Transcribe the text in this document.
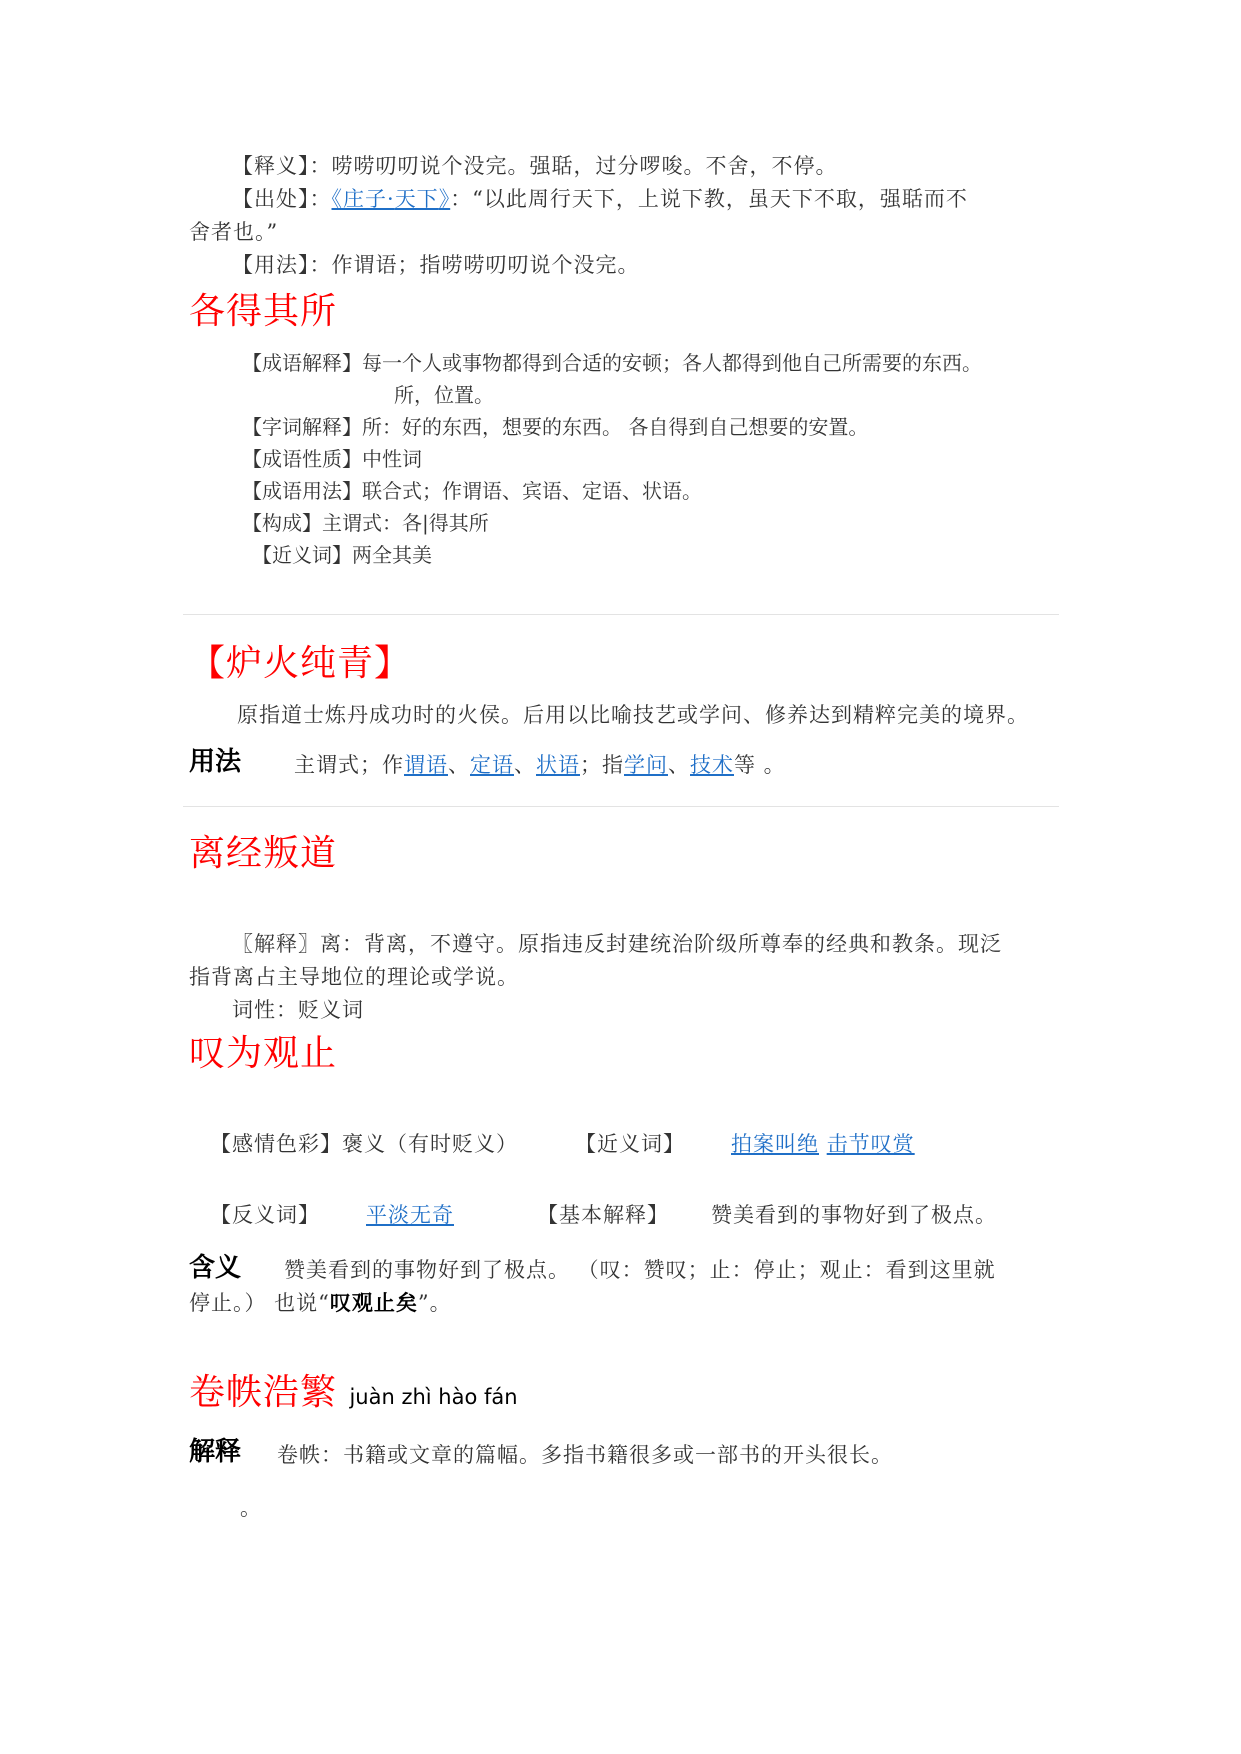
【释义】：唠唠叨叨说个没完。强聒，过分啰唆。不舍，不停。
【出处】：《庄子·天下》：“以此周行天下，上说下教，虽天下不取，强聒而不
舍者也。”
【用法】：作谓语；指唠唠叨叨说个没完。
各得其所
【成语解释】每一个人或事物都得到合适的安顿；各人都得到他自己所需要的东西。
所，位置。
【字词解释】所：好的东西，想要的东西。 各自得到自己想要的安置。
【成语性质】中性词
【成语用法】联合式；作谓语、宾语、定语、状语。
【构成】主谓式：各|得其所
【近义词】两全其美
【炉火纯青】
原指道士炼丹成功时的火侯。后用以比喻技艺或学问、修养达到精粹完美的境界。
用法	主谓式；作谓语、定语、状语；指学问、技术等 。
离经叛道
〖解释〗离：背离，不遵守。原指违反封建统治阶级所尊奉的经典和教条。现泛
指背离占主导地位的理论或学说。
词性：贬义词
叹为观止
【感情色彩】褒义（有时贬义）	【近义词】 拍案叫绝 击节叹赏
【反义词】 平淡无奇	【基本解释】 赞美看到的事物好到了极点。
含义 赞美看到的事物好到了极点。 （叹：赞叹；止：停止；观止：看到这里就
停止。） 也说“叹观止矣”。
卷帙浩繁 juàn zhì hào fán
解释 卷帙：书籍或文章的篇幅。多指书籍很多或一部书的开头很长。
。
